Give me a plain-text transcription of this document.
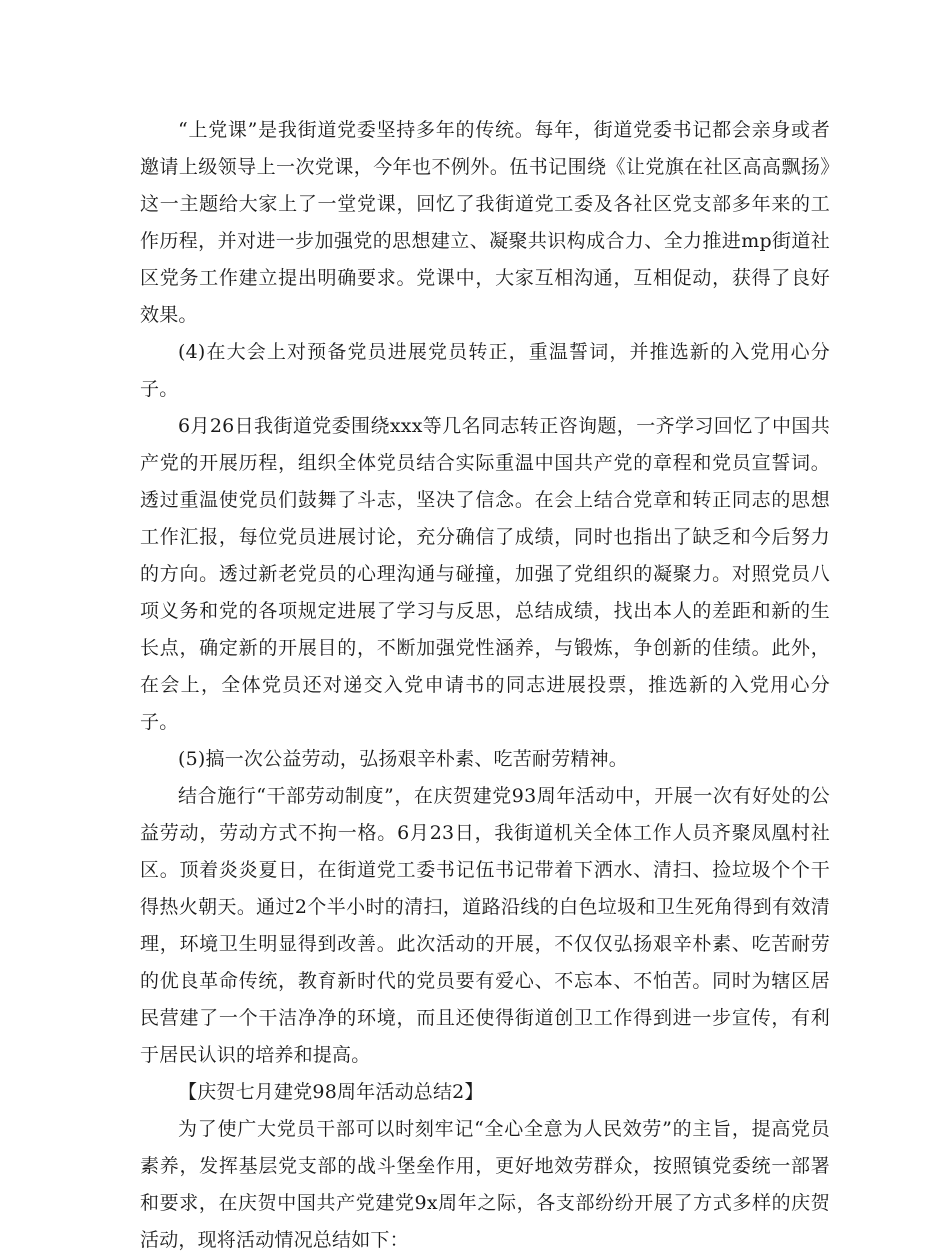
“上党课”是我街道党委坚持多年的传统。每年，街道党委书记都会亲身或者邀请上级领导上一次党课，今年也不例外。伍书记围绕《让党旗在社区高高飘扬》这一主题给大家上了一堂党课，回忆了我街道党工委及各社区党支部多年来的工作历程，并对进一步加强党的思想建立、凝聚共识构成合力、全力推进mp街道社区党务工作建立提出明确要求。党课中，大家互相沟通，互相促动，获得了良好效果。

(4)在大会上对预备党员进展党员转正，重温誓词，并推选新的入党用心分子。

6月26日我街道党委围绕xxx等几名同志转正咨询题，一齐学习回忆了中国共产党的开展历程，组织全体党员结合实际重温中国共产党的章程和党员宣誓词。透过重温使党员们鼓舞了斗志，坚决了信念。在会上结合党章和转正同志的思想工作汇报，每位党员进展讨论，充分确信了成绩，同时也指出了缺乏和今后努力的方向。透过新老党员的心理沟通与碰撞，加强了党组织的凝聚力。对照党员八项义务和党的各项规定进展了学习与反思，总结成绩，找出本人的差距和新的生长点，确定新的开展目的，不断加强党性涵养，与锻炼，争创新的佳绩。此外，在会上，全体党员还对递交入党申请书的同志进展投票，推选新的入党用心分子。

(5)搞一次公益劳动，弘扬艰辛朴素、吃苦耐劳精神。

结合施行“干部劳动制度”，在庆贺建党93周年活动中，开展一次有好处的公益劳动，劳动方式不拘一格。6月23日，我街道机关全体工作人员齐聚凤凰村社区。顶着炎炎夏日，在街道党工委书记伍书记带着下洒水、清扫、捡垃圾个个干得热火朝天。通过2个半小时的清扫，道路沿线的白色垃圾和卫生死角得到有效清理，环境卫生明显得到改善。此次活动的开展，不仅仅弘扬艰辛朴素、吃苦耐劳的优良革命传统，教育新时代的党员要有爱心、不忘本、不怕苦。同时为辖区居民营建了一个干洁净净的环境，而且还使得街道创卫工作得到进一步宣传，有利于居民认识的培养和提高。

【庆贺七月建党98周年活动总结2】

为了使广大党员干部可以时刻牢记“全心全意为人民效劳”的主旨，提高党员素养，发挥基层党支部的战斗堡垒作用，更好地效劳群众，按照镇党委统一部署和要求，在庆贺中国共产党建党9x周年之际，各支部纷纷开展了方式多样的庆贺活动，现将活动情况总结如下：
